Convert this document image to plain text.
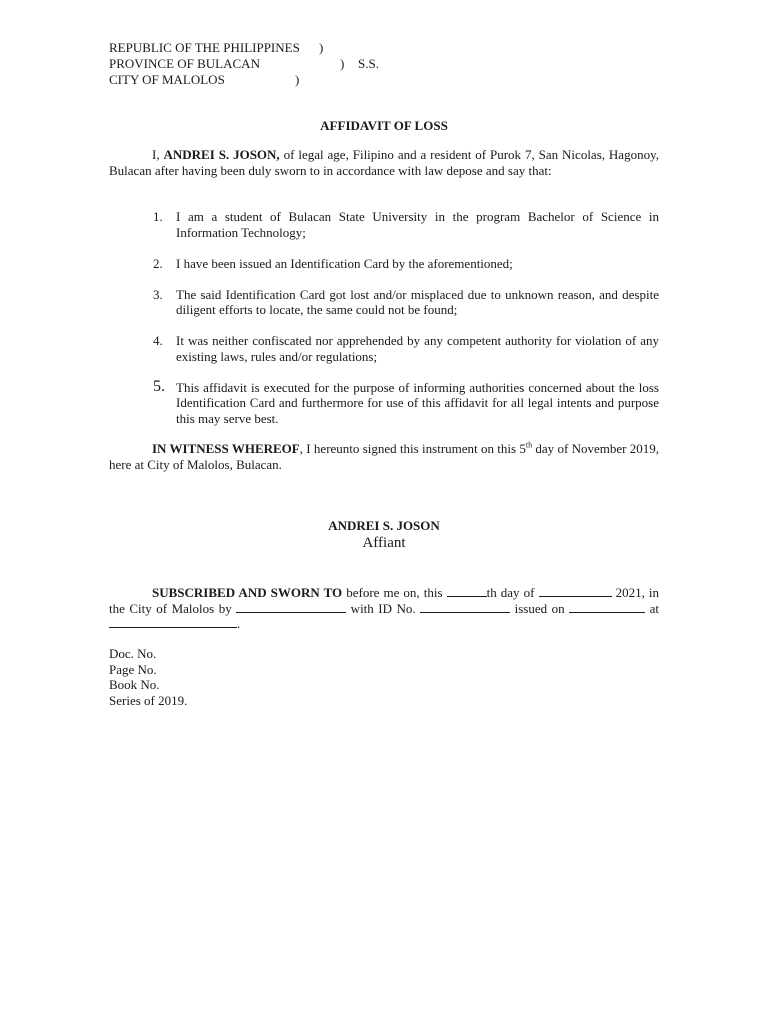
REPUBLIC OF THE PHILIPPINES )
PROVINCE OF BULACAN	) S.S.
CITY OF MALOLOS	)
AFFIDAVIT OF LOSS
I, ANDREI S. JOSON, of legal age, Filipino and a resident of Purok 7, San Nicolas, Hagonoy, Bulacan after having been duly sworn to in accordance with law depose and say that:
1. I am a student of Bulacan State University in the program Bachelor of Science in Information Technology;
2. I have been issued an Identification Card by the aforementioned;
3. The said Identification Card got lost and/or misplaced due to unknown reason, and despite diligent efforts to locate, the same could not be found;
4. It was neither confiscated nor apprehended by any competent authority for violation of any existing laws, rules and/or regulations;
5. This affidavit is executed for the purpose of informing authorities concerned about the loss Identification Card and furthermore for use of this affidavit for all legal intents and purpose this may serve best.
IN WITNESS WHEREOF, I hereunto signed this instrument on this 5th day of November 2019, here at City of Malolos, Bulacan.
ANDREI S. JOSON
Affiant
SUBSCRIBED AND SWORN TO before me on, this	th day of	2021, in the City of Malolos by	with ID No.	issued on	at .
Doc. No.
Page No.
Book No.
Series of 2019.
